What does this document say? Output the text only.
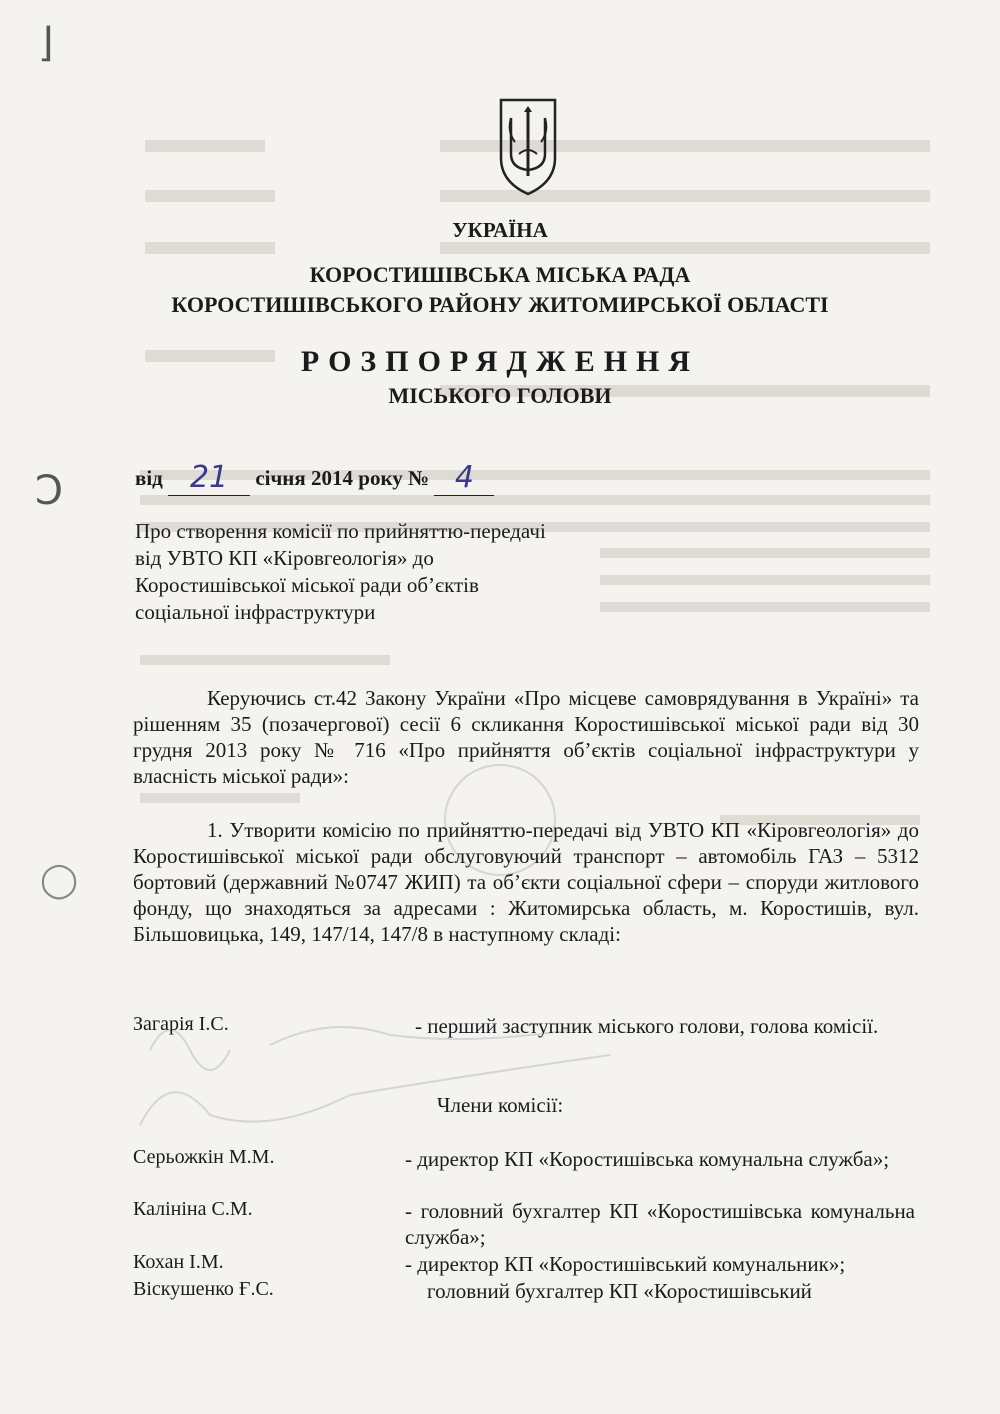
⌋
Ↄ
◯
УКРАЇНА
КОРОСТИШІВСЬКА МІСЬКА РАДА
КОРОСТИШІВСЬКОГО РАЙОНУ ЖИТОМИРСЬКОЇ ОБЛАСТІ
РОЗПОРЯДЖЕННЯ
МІСЬКОГО ГОЛОВИ
від 21 січня 2014 року № 4
Про створення комісії по прийняттю-передачі
від УВТО КП «Кіровгеологія» до
Коростишівської міської ради об’єктів
соціальної інфраструктури
Керуючись ст.42 Закону України «Про місцеве самоврядування в Україні» та рішенням 35 (позачергової) сесії 6 скликання Коростишівської міської ради від 30 грудня 2013 року № 716 «Про прийняття об’єктів соціальної інфраструктури у власність міської ради»:
1. Утворити комісію по прийняттю-передачі від УВТО КП «Кіровгеологія» до Коростишівської міської ради обслуговуючий транспорт – автомобіль ГАЗ – 5312 бортовий (державний №0747 ЖИП) та об’єкти соціальної сфери – споруди житлового фонду, що знаходяться за адресами : Житомирська область, м. Коростишів, вул. Більшовицька, 149, 147/14, 147/8 в наступному складі:
Загарія І.С.	- перший заступник міського голови, голова комісії.
Члени комісії:
Серьожкін М.М.	- директор КП «Коростишівська комунальна служба»;
Калініна С.М.	- головний бухгалтер КП «Коростишівська комунальна служба»;
Кохан І.М.	- директор КП «Коростишівський комунальник»;
Віскушенко Ғ.С.	головний бухгалтер КП «Коростишівський
